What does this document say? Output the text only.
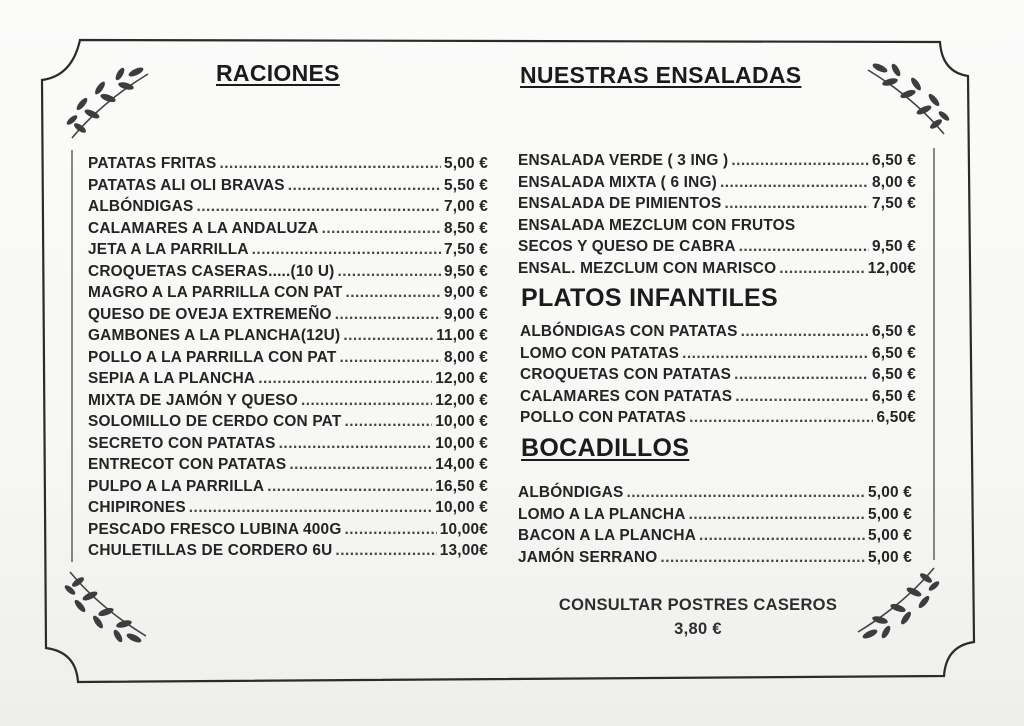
RACIONES	NUESTRAS ENSALADAS
PLATOS INFANTILES
BOCADILLOS
PATATAS FRITAS .....	5,00 €
PATATAS ALI OLI BRAVAS .....	5,50 €
ALBÓNDIGAS .....	7,00 €
CALAMARES A LA ANDALUZA .....	8,50 €
JETA A LA PARRILLA .....	7,50 €
CROQUETAS CASERAS.....(10 U) .....	9,50 €
MAGRO A LA PARRILLA CON PAT .....	9,00 €
QUESO DE OVEJA EXTREMEÑO .....	9,00 €
GAMBONES A LA PLANCHA(12U) .....	11,00 €
POLLO A LA PARRILLA CON PAT .....	8,00 €
SEPIA A LA PLANCHA .....	12,00 €
MIXTA DE JAMÓN Y QUESO .....	12,00 €
SOLOMILLO DE CERDO CON PAT .....	10,00 €
SECRETO CON PATATAS .....	10,00 €
ENTRECOT CON PATATAS .....	14,00 €
PULPO A LA PARRILLA .....	16,50 €
CHIPIRONES .....	10,00 €
PESCADO FRESCO LUBINA 400G .....	10,00€
CHULETILLAS DE CORDERO 6U .....	13,00€
ENSALADA VERDE ( 3 ING ) .....	6,50 €
ENSALADA MIXTA ( 6 ING) .....	8,00 €
ENSALADA DE PIMIENTOS .....	7,50 €
ENSALADA MEZCLUM CON FRUTOS
SECOS Y QUESO DE CABRA .....	9,50 €
ENSAL. MEZCLUM CON MARISCO .....	12,00€
ALBÓNDIGAS CON PATATAS .....	6,50 €
LOMO CON PATATAS .....	6,50 €
CROQUETAS CON PATATAS .....	6,50 €
CALAMARES CON PATATAS .....	6,50 €
POLLO CON PATATAS .....	6,50€
ALBÓNDIGAS .....	5,00 €
LOMO A LA PLANCHA .....	5,00 €
BACON A LA PLANCHA .....	5,00 €
JAMÓN SERRANO .....	5,00 €
CONSULTAR POSTRES CASEROS
3,80 €
